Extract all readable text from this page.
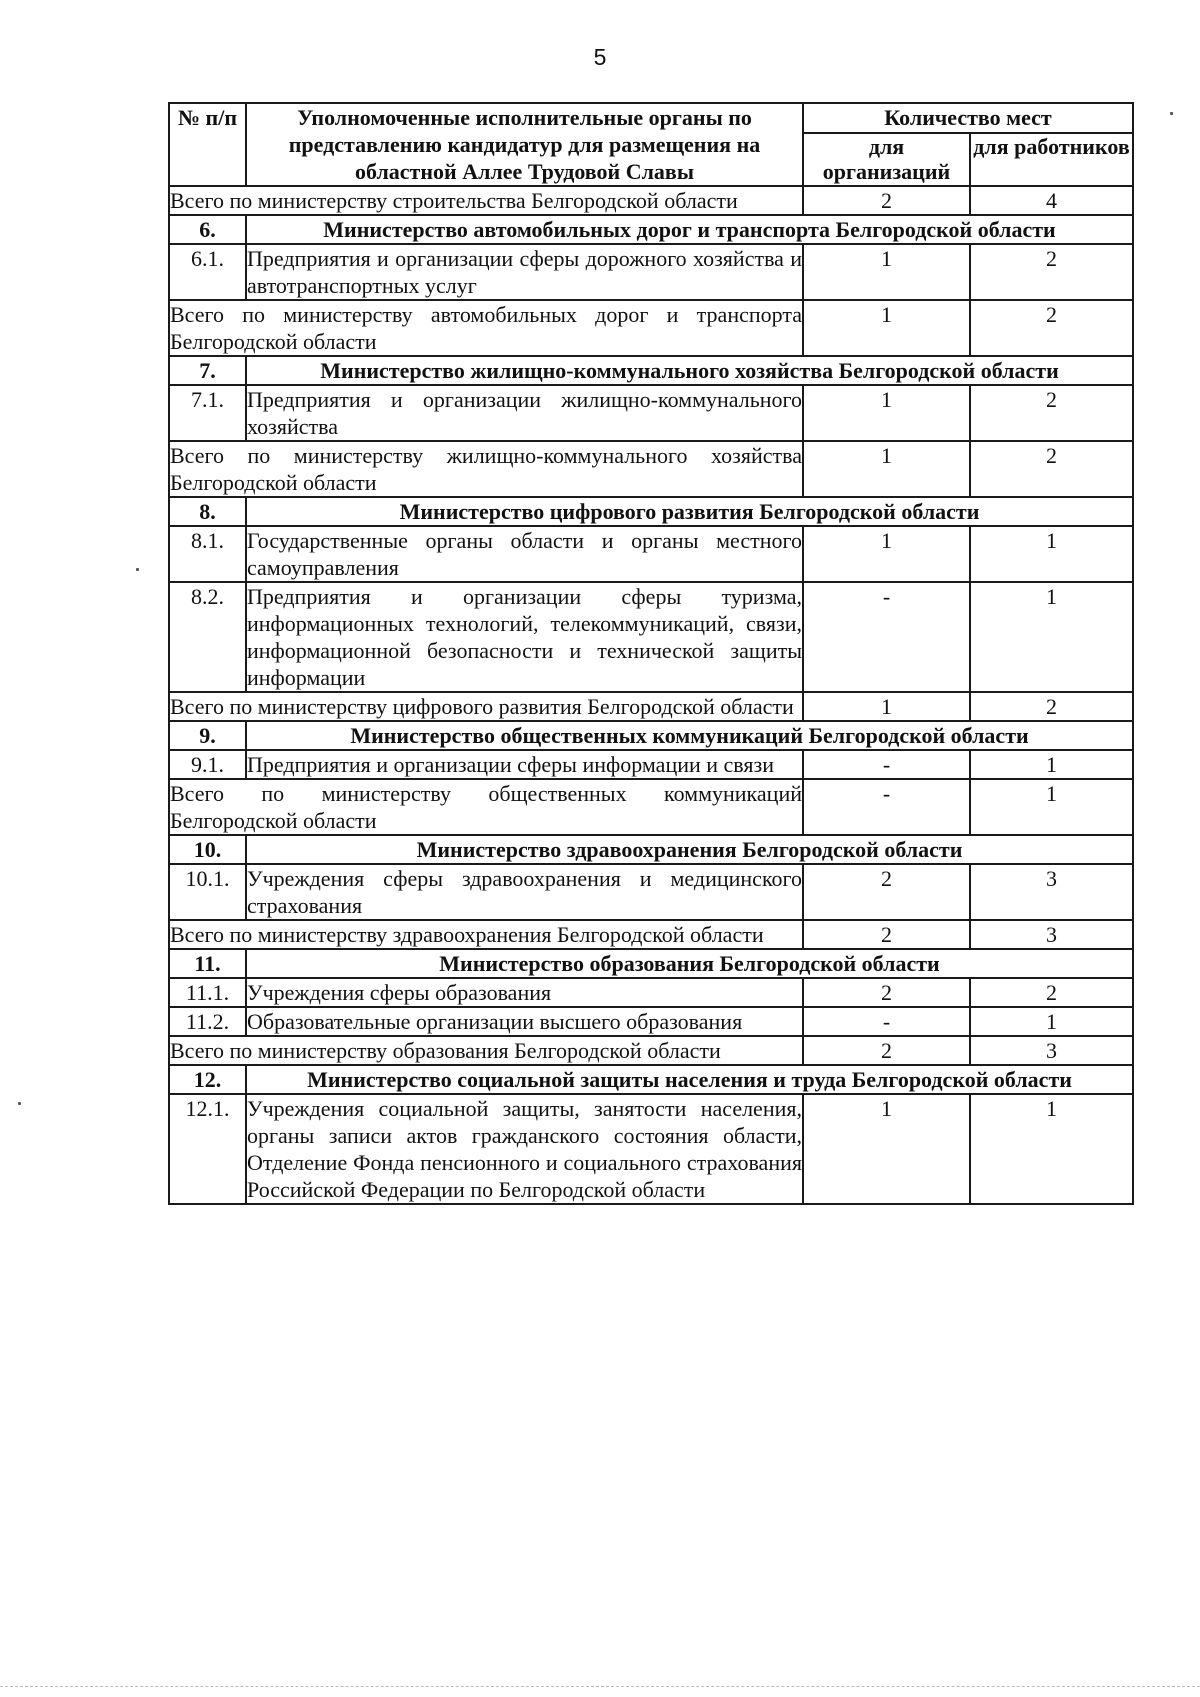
5
№ п/п	Уполномоченные исполнительные органы по представлению кандидатур для размещения на областной Аллее Трудовой Славы	Количество мест	
		для организаций	для работников
Всего по министерству строительства Белгородской области		2	4
6.	Министерство автомобильных дорог и транспорта Белгородской области		
6.1.	Предприятия и организации сферы дорожного хозяйства и автотранспортных услуг	1	2
Всего по министерству автомобильных дорог и транспорта Белгородской области		1	2
7.	Министерство жилищно-коммунального хозяйства Белгородской области		
7.1.	Предприятия и организации жилищно-коммунального хозяйства	1	2
Всего по министерству жилищно-коммунального хозяйства Белгородской области		1	2
8.	Министерство цифрового развития Белгородской области		
8.1.	Государственные органы области и органы местного самоуправления	1	1
8.2.	Предприятия и организации сферы туризма, информационных технологий, телекоммуникаций, связи, информационной безопасности и технической защиты информации	-	1
Всего по министерству цифрового развития Белгородской области		1	2
9.	Министерство общественных коммуникаций Белгородской области		
9.1.	Предприятия и организации сферы информации и связи	-	1
Всего по министерству общественных коммуникаций Белгородской области		-	1
10.	Министерство здравоохранения Белгородской области		
10.1.	Учреждения сферы здравоохранения и медицинского страхования	2	3
Всего по министерству здравоохранения Белгородской области		2	3
11.	Министерство образования Белгородской области		
11.1.	Учреждения сферы образования	2	2
11.2.	Образовательные организации высшего образования	-	1
Всего по министерству образования Белгородской области		2	3
12.	Министерство социальной защиты населения и труда Белгородской области		
12.1.	Учреждения социальной защиты, занятости населения, органы записи актов гражданского состояния области, Отделение Фонда пенсионного и социального страхования Российской Федерации по Белгородской области	1	1
